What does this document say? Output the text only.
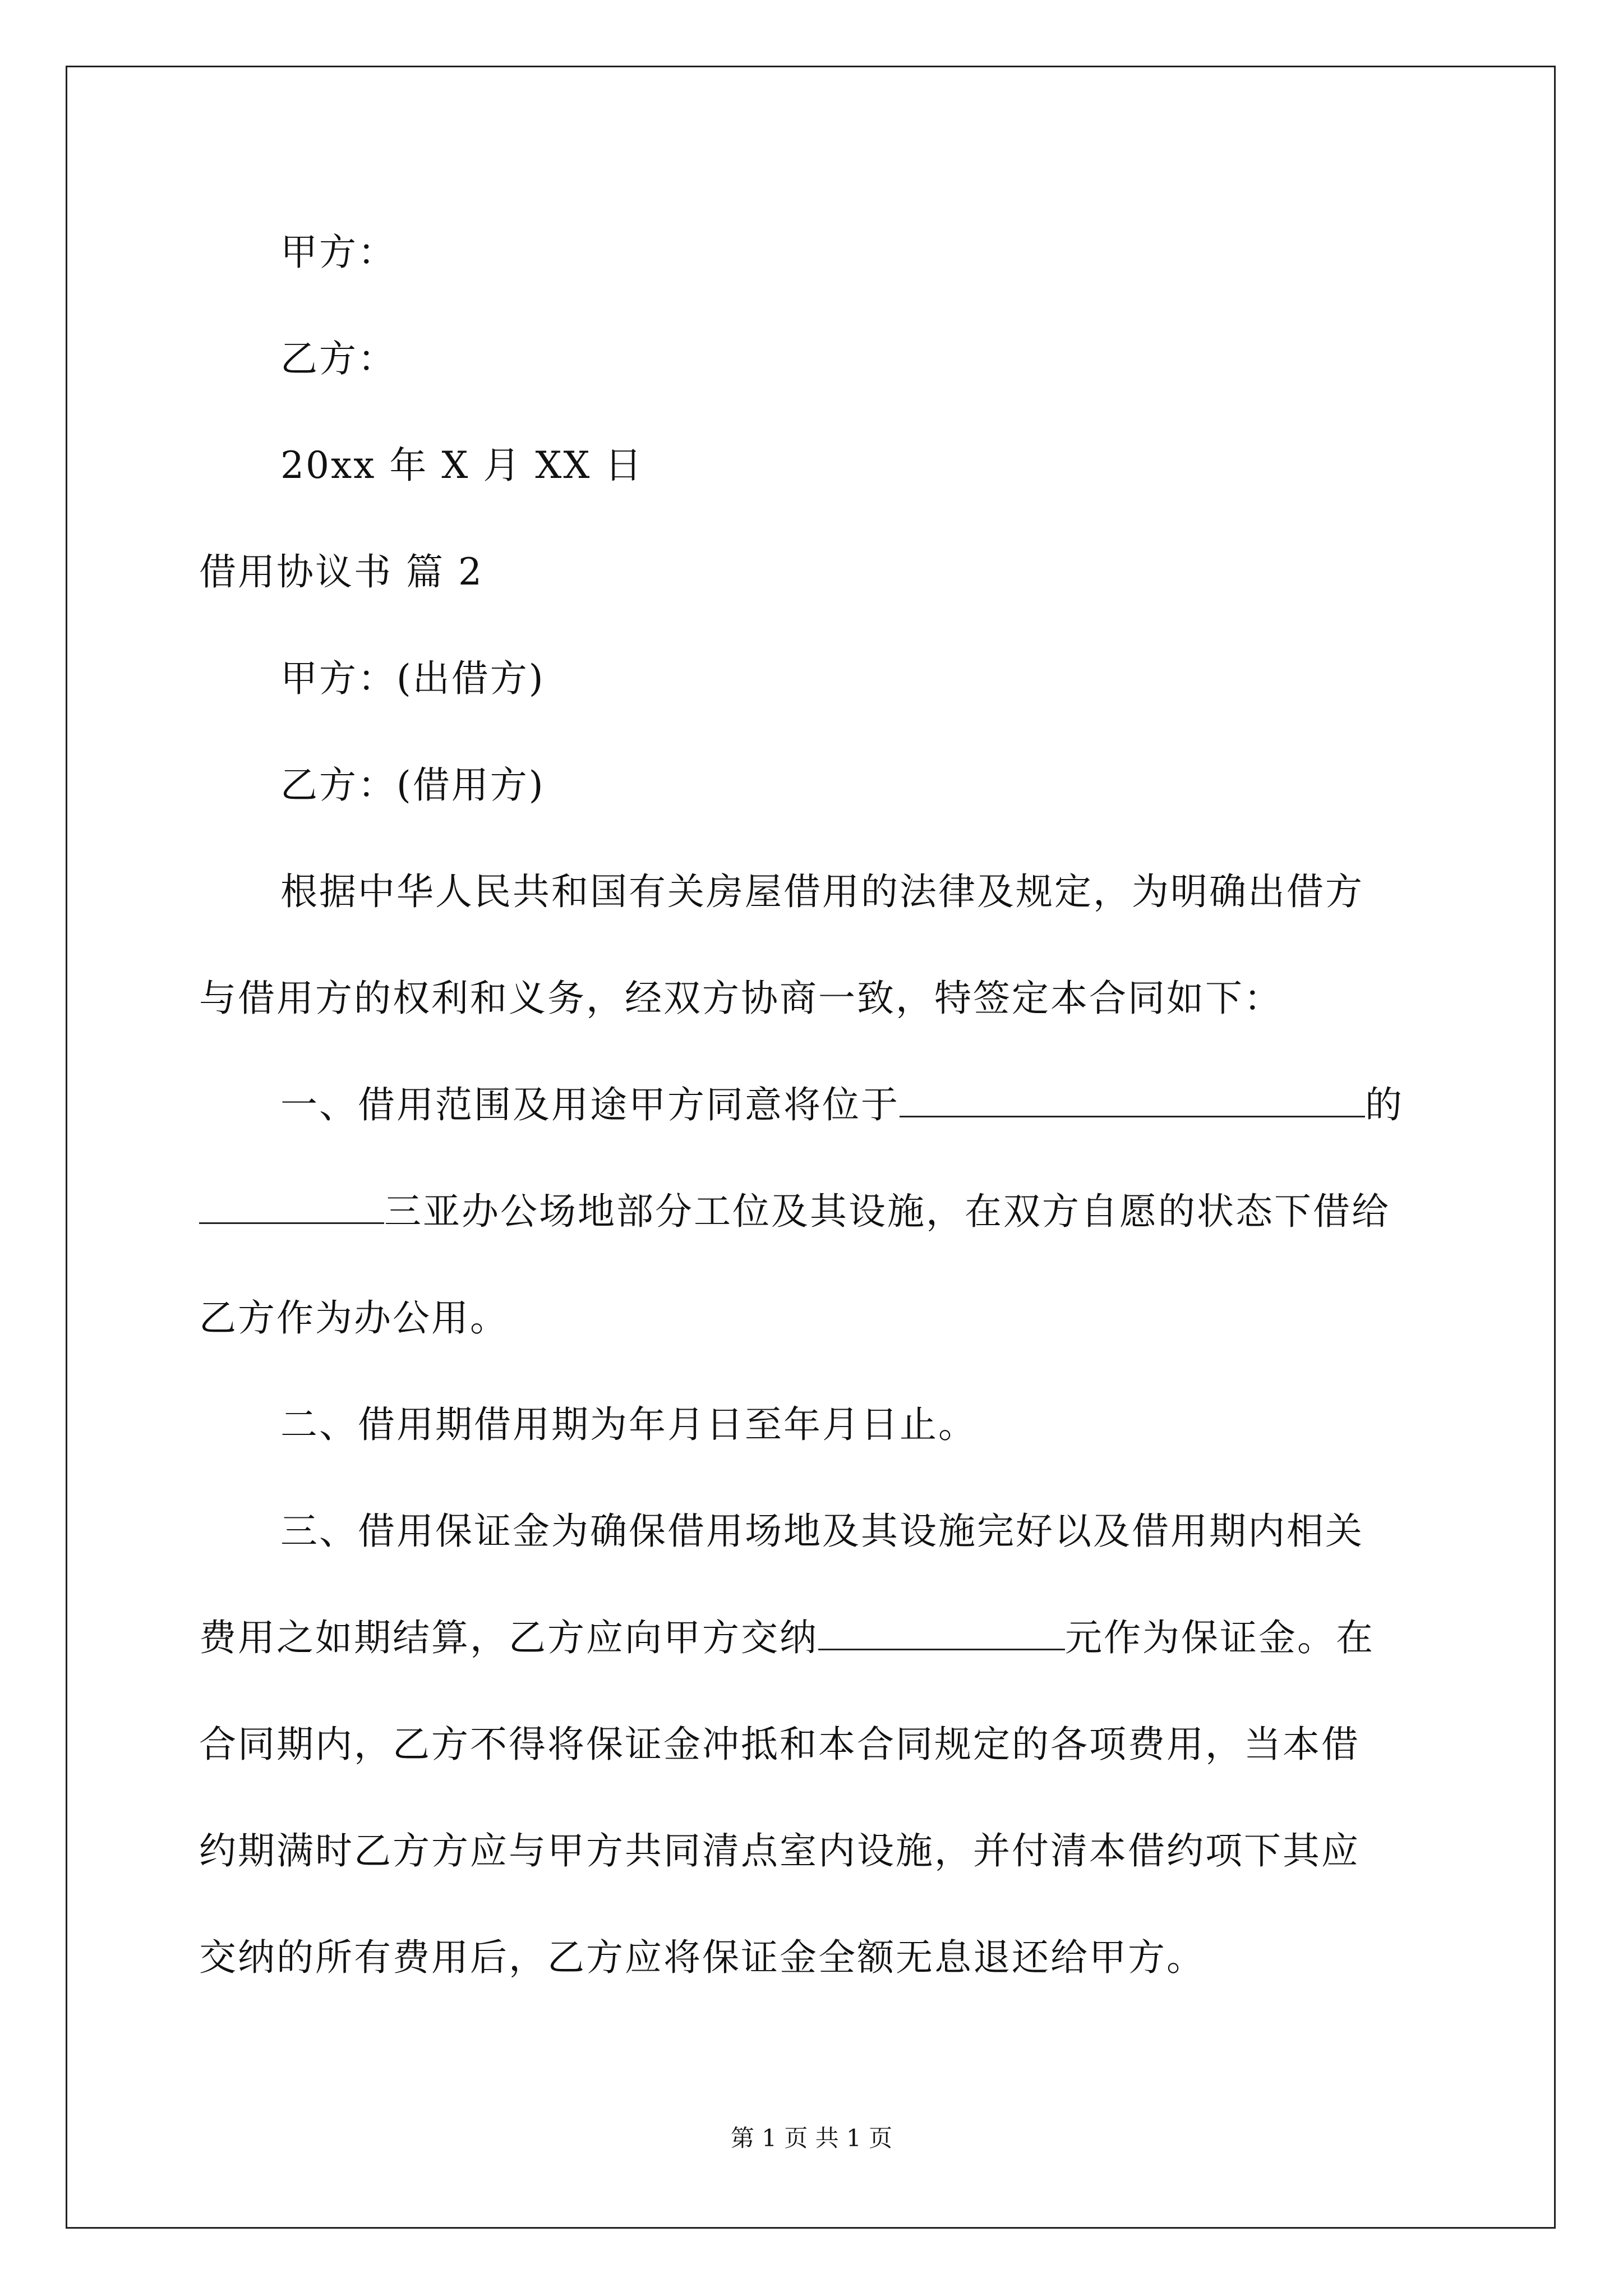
甲方：
乙方：
20xx 年 X 月 XX 日
借用协议书 篇 2
甲方：(出借方)
乙方：(借用方)
根据中华人民共和国有关房屋借用的法律及规定，为明确出借方
与借用方的权利和义务，经双方协商一致，特签定本合同如下：
一、借用范围及用途甲方同意将位于	的
三亚办公场地部分工位及其设施，在双方自愿的状态下借给
乙方作为办公用。
二、借用期借用期为年月日至年月日止。
三、借用保证金为确保借用场地及其设施完好以及借用期内相关
费用之如期结算，乙方应向甲方交纳	元作为保证金。在
合同期内，乙方不得将保证金冲抵和本合同规定的各项费用，当本借
约期满时乙方方应与甲方共同清点室内设施，并付清本借约项下其应
交纳的所有费用后，乙方应将保证金全额无息退还给甲方。
第 1 页 共 1 页
